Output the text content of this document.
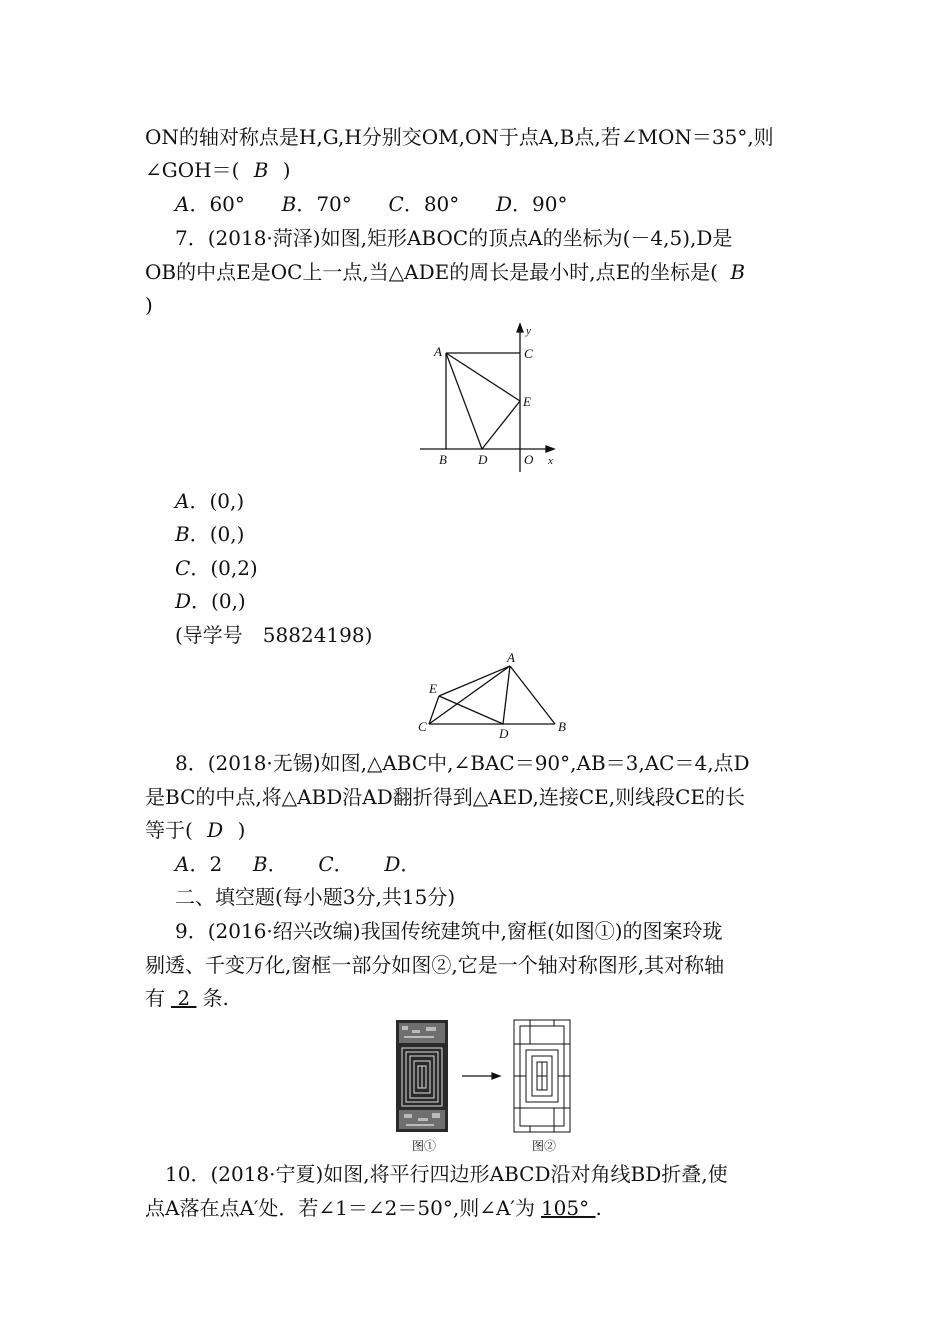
ON的轴对称点是H,G,H分别交OM,ON于点A,B点,若∠MON＝35°,则
∠GOH＝( B )
A．60° B．70° C．80° D．90°
7．(2018·菏泽)如图,矩形ABOC的顶点A的坐标为(－4,5),D是
OB的中点E是OC上一点,当△ADE的周长是最小时,点E的坐标是( B
)
A
B
C
D
E
O x
y
A．(0,)
B．(0,)
C．(0,2)
D．(0,)
(导学号　58824198)
A
B
C	D
E
8．(2018·无锡)如图,△ABC中,∠BAC＝90°,AB＝3,AC＝4,点D
是BC的中点,将△ABD沿AD翻折得到△AED,连接CE,则线段CE的长
等于( D )
A．2 B． C． D．
二、填空题(每小题3分,共15分)
9．(2016·绍兴改编)我国传统建筑中,窗框(如图①)的图案玲珑
剔透、千变万化,窗框一部分如图②,它是一个轴对称图形,其对称轴
有 2 条.
图①	图②
10．(2018·宁夏)如图,将平行四边形ABCD沿对角线BD折叠,使
点A落在点A′处．若∠1＝∠2＝50°,则∠A′为 105° .
